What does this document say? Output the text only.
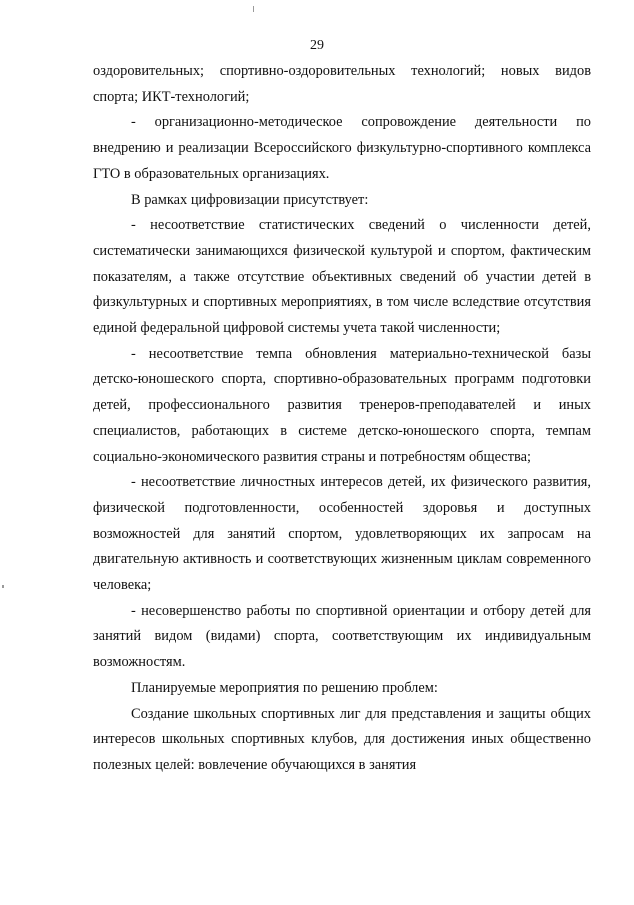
29

оздоровительных; спортивно-оздоровительных технологий; новых видов спорта; ИКТ-технологий;

- организационно-методическое сопровождение деятельности по внедрению и реализации Всероссийского физкультурно-спортивного комплекса ГТО в образовательных организациях.

В рамках цифровизации присутствует:

- несоответствие статистических сведений о численности детей, систематически занимающихся физической культурой и спортом, фактическим показателям, а также отсутствие объективных сведений об участии детей в физкультурных и спортивных мероприятиях, в том числе вследствие отсутствия единой федеральной цифровой системы учета такой численности;

- несоответствие темпа обновления материально-технической базы детско-юношеского спорта, спортивно-образовательных программ подготовки детей, профессионального развития тренеров-преподавателей и иных специалистов, работающих в системе детско-юношеского спорта, темпам социально-экономического развития страны и потребностям общества;

- несоответствие личностных интересов детей, их физического развития, физической подготовленности, особенностей здоровья и доступных возможностей для занятий спортом, удовлетворяющих их запросам на двигательную активность и соответствующих жизненным циклам современного человека;

- несовершенство работы по спортивной ориентации и отбору детей для занятий видом (видами) спорта, соответствующим их индивидуальным возможностям.

Планируемые мероприятия по решению проблем:

Создание школьных спортивных лиг для представления и защиты общих интересов школьных спортивных клубов, для достижения иных общественно полезных целей: вовлечение обучающихся в занятия
